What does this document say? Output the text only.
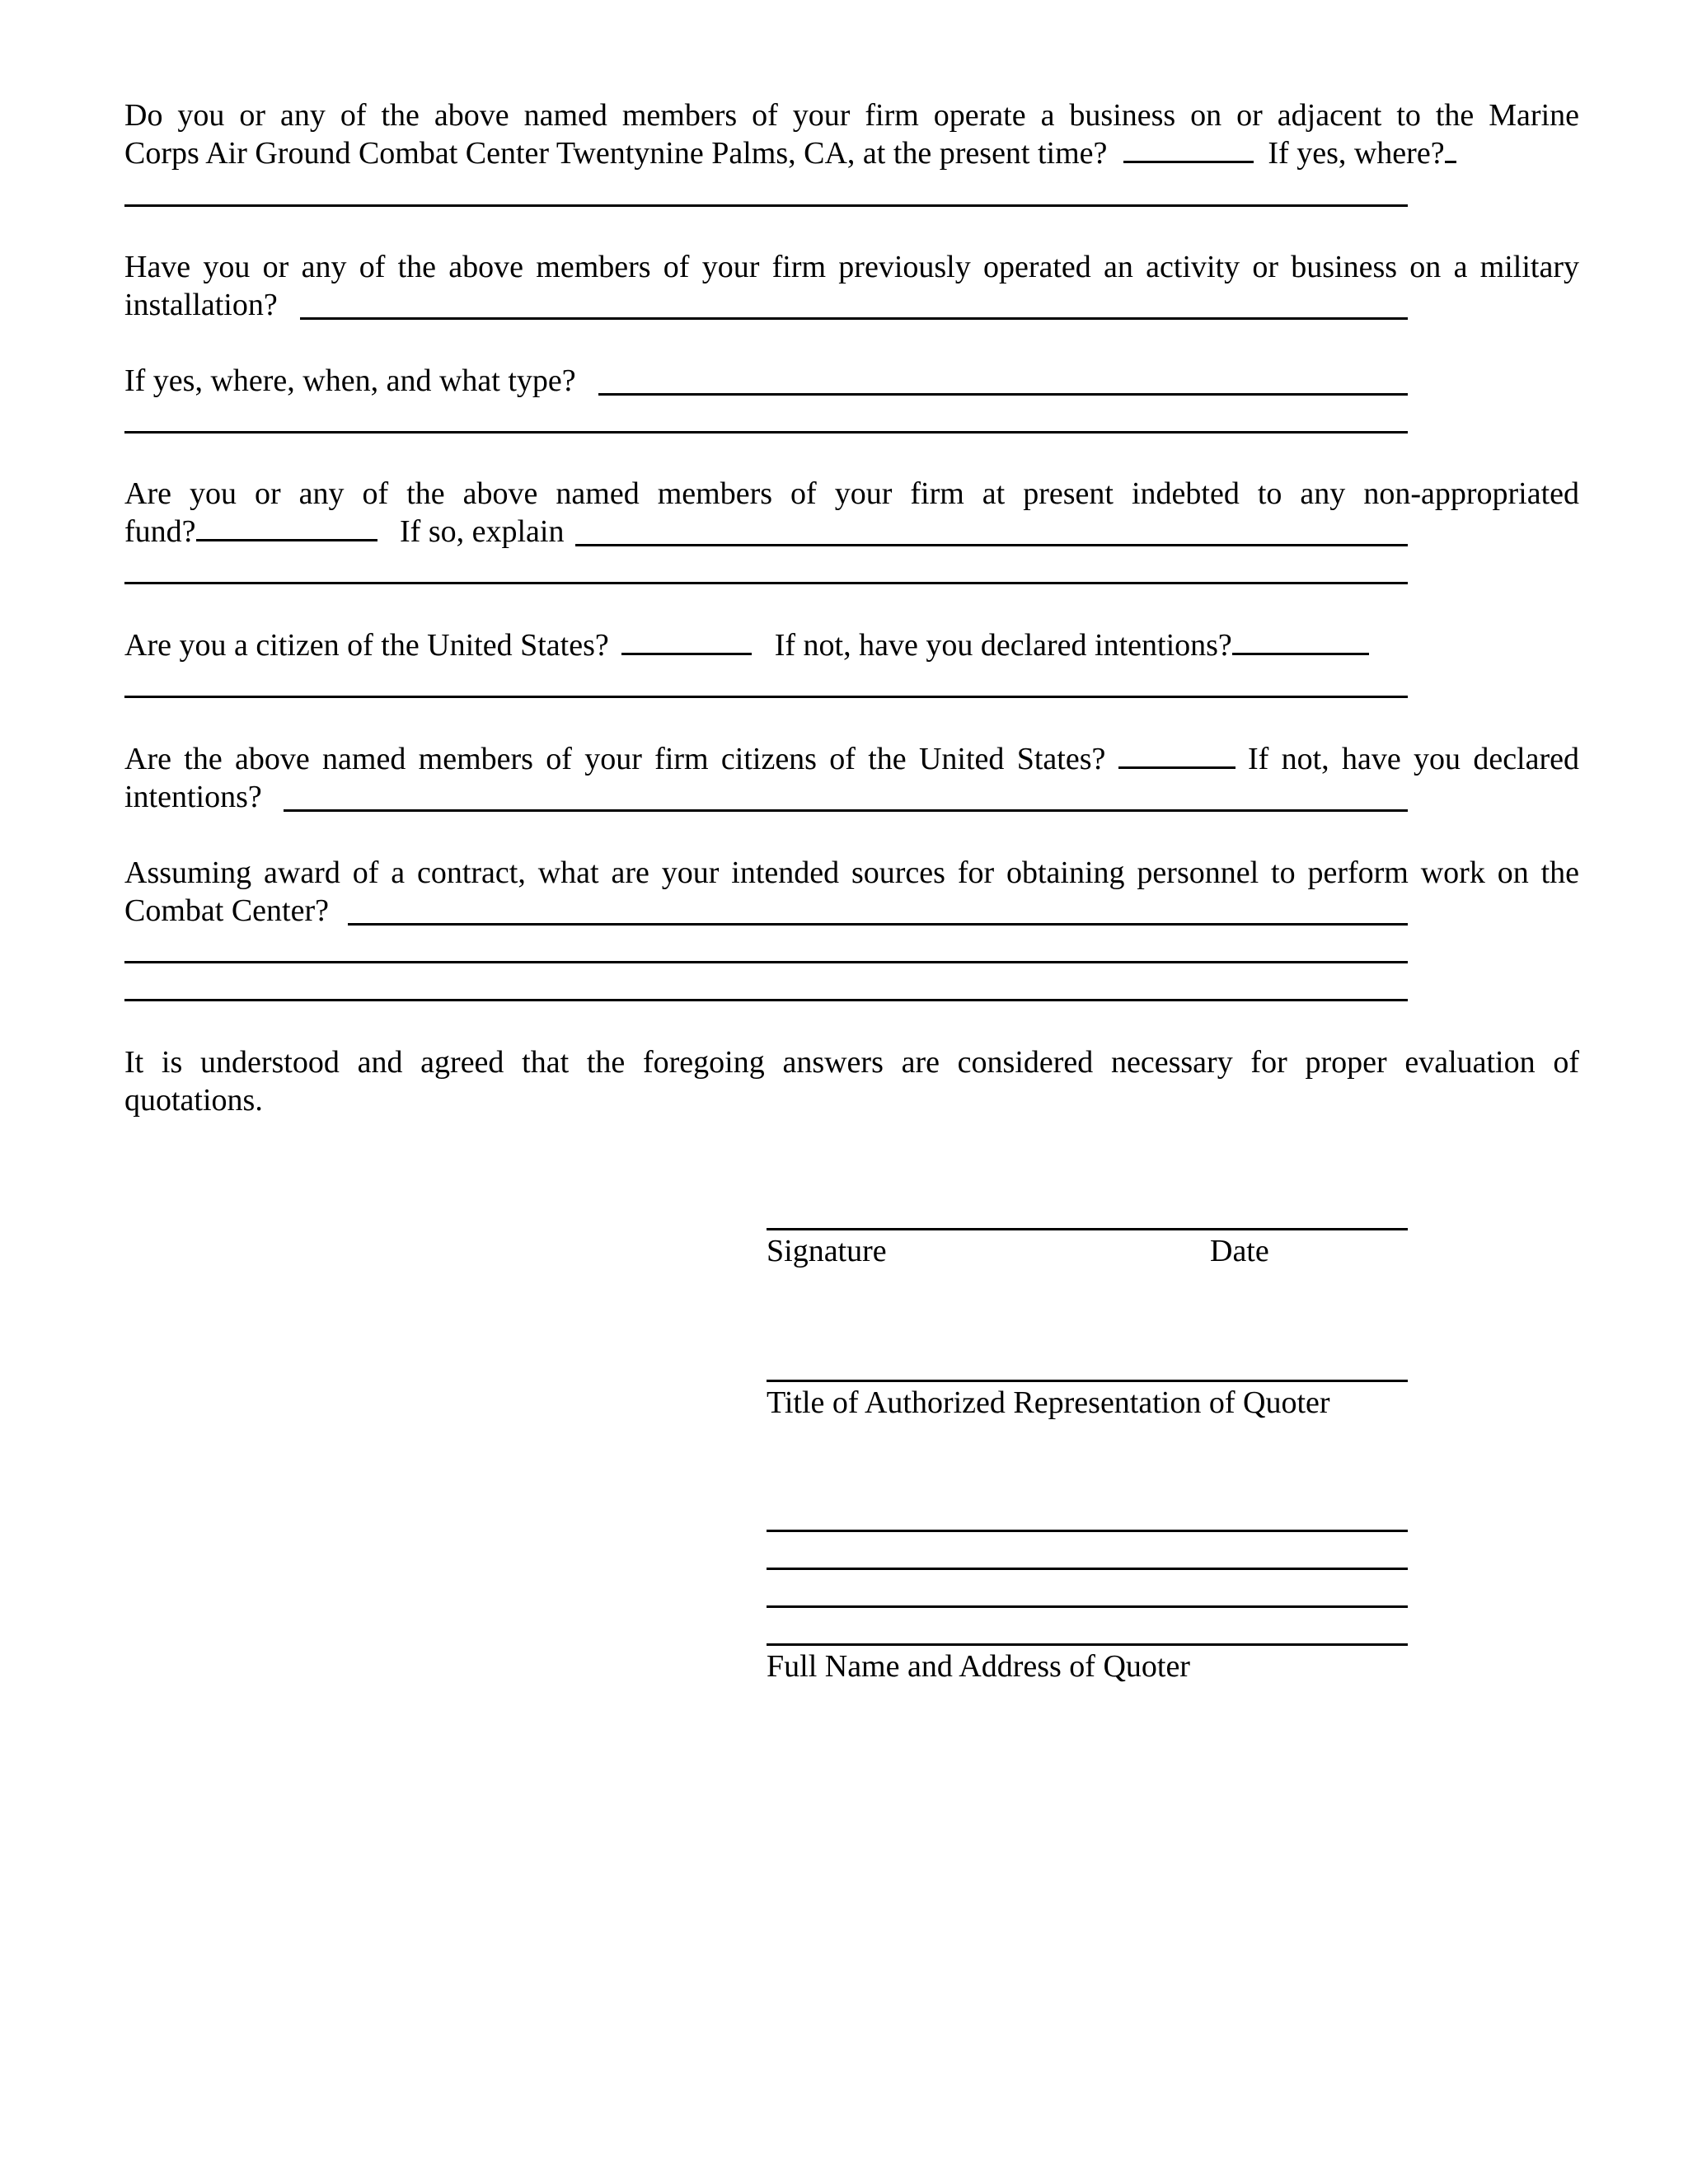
Do you or any of the above named members of your firm operate a business on or adjacent to the Marine
Corps Air Ground Combat Center Twentynine Palms, CA, at the present time?	If yes, where?
Have you or any of the above members of your firm previously operated an activity or business on a military
installation?
If yes, where, when, and what type?
Are you or any of the above named members of your firm at present indebted to any non-appropriated
fund?	If so, explain
Are you a citizen of the United States?	If not, have you declared intentions?
Are the above named members of your firm citizens of the United States?	If not, have you declared
intentions?
Assuming award of a contract, what are your intended sources for obtaining personnel to perform work on the
Combat Center?
It is understood and agreed that the foregoing answers are considered necessary for proper evaluation of
quotations.
Signature	Date
Title of Authorized Representation of Quoter
Full Name and Address of Quoter
